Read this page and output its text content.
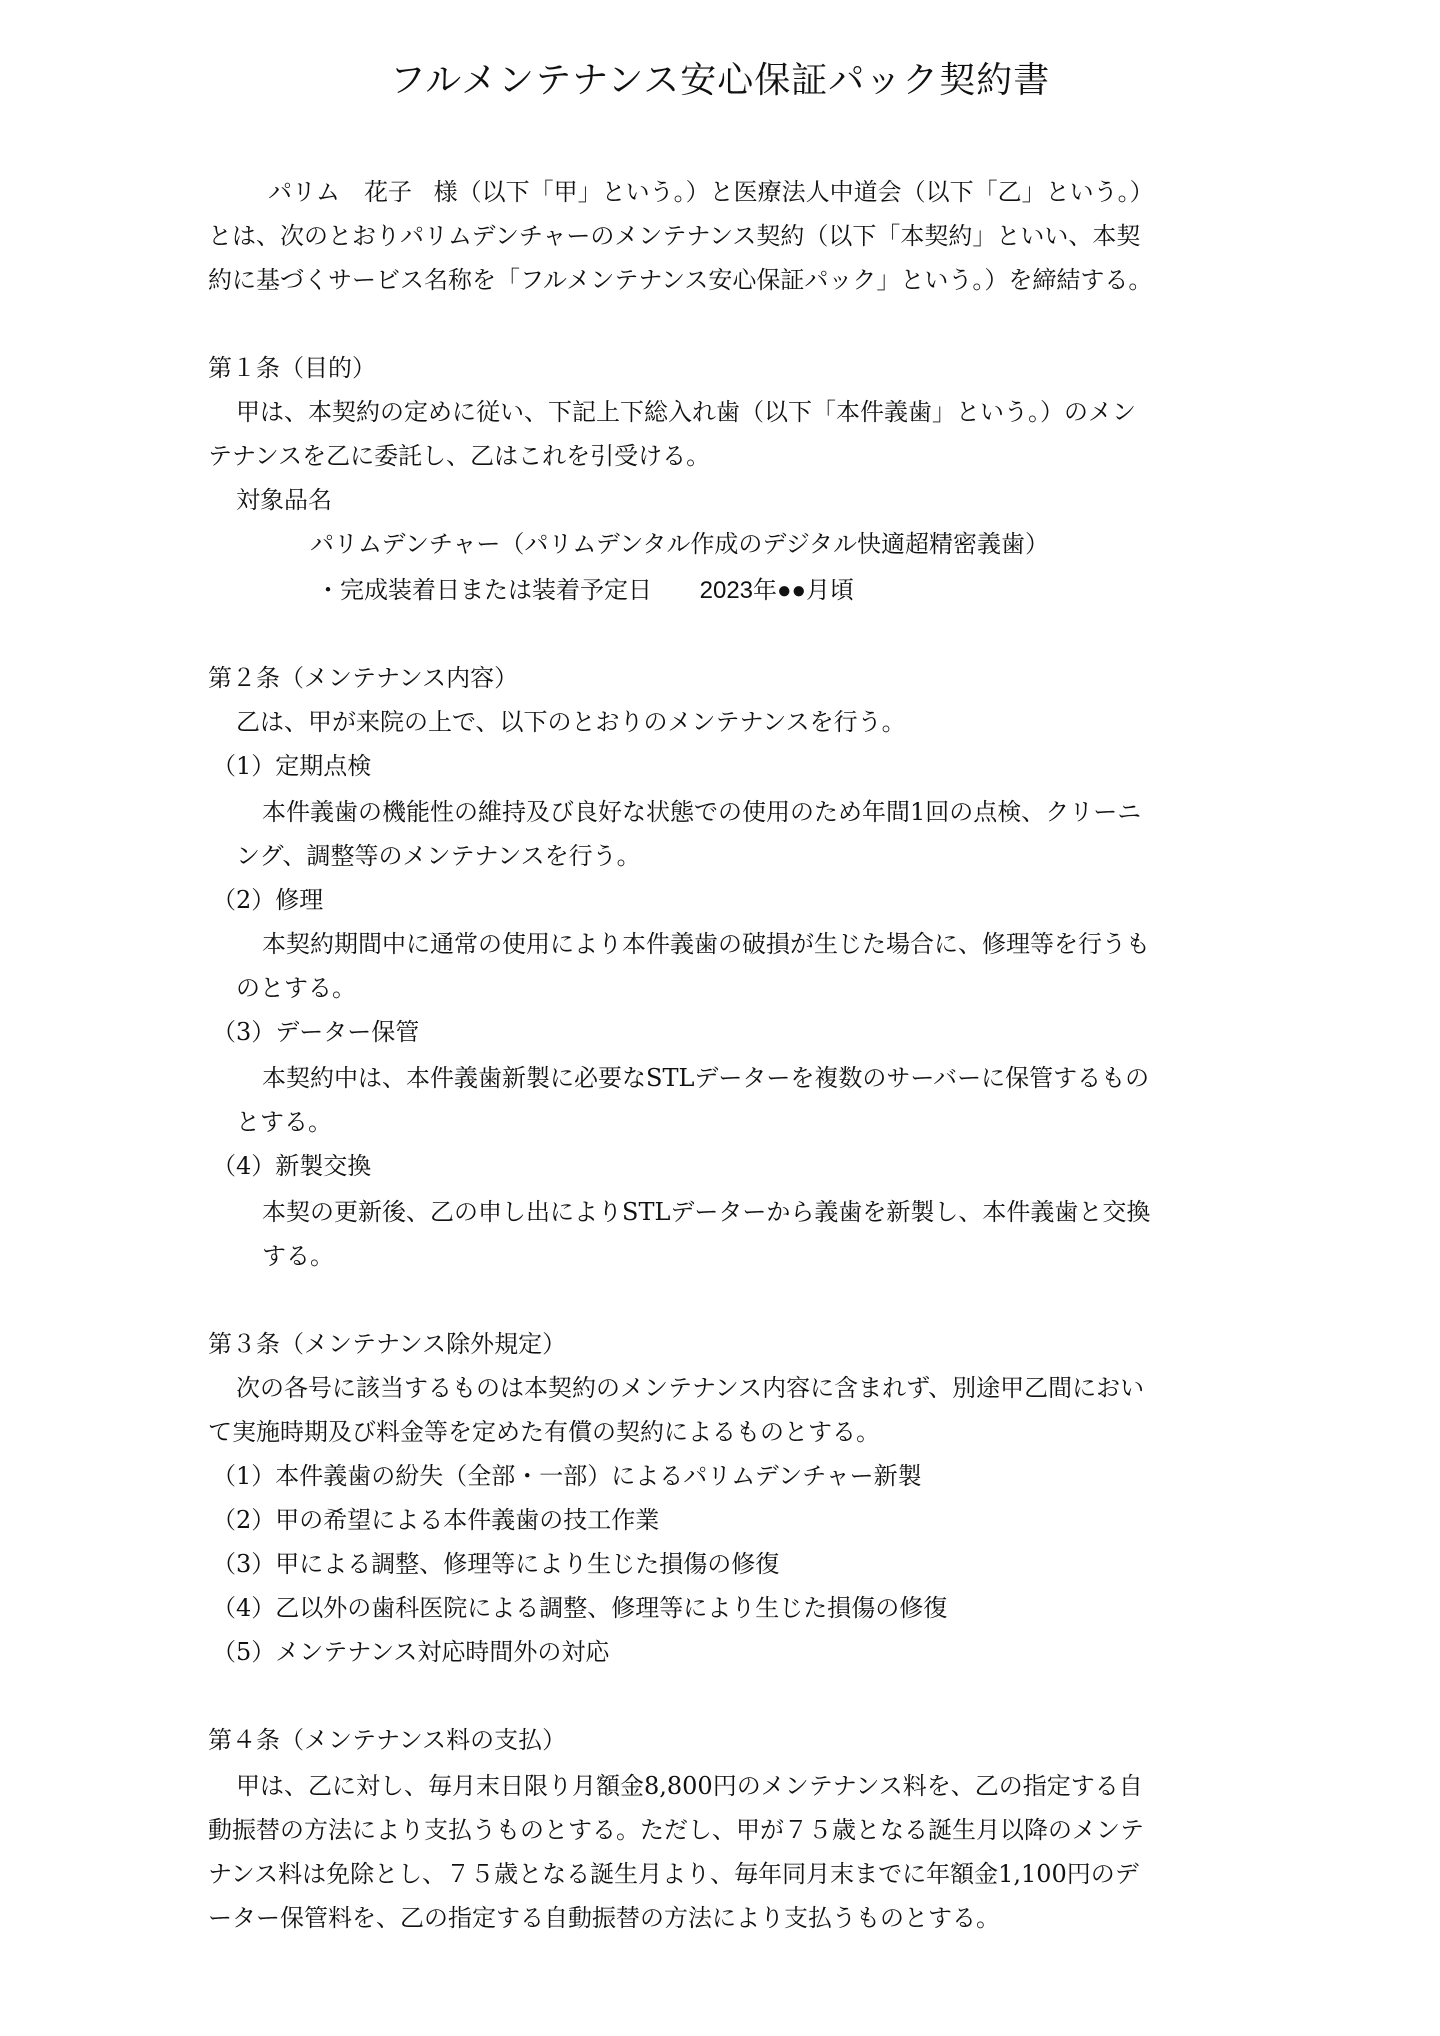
フルメンテナンス安心保証パック契約書
パリム　花子 様（以下「甲」という。）と医療法人中道会（以下「乙」という。）
とは、次のとおりパリムデンチャーのメンテナンス契約（以下「本契約」といい、本契
約に基づくサービス名称を「フルメンテナンス安心保証パック」という。）を締結する。
第１条（目的）
甲は、本契約の定めに従い、下記上下総入れ歯（以下「本件義歯」という。）のメン
テナンスを乙に委託し、乙はこれを引受ける。
対象品名
パリムデンチャー（パリムデンタル作成のデジタル快適超精密義歯）
・完成装着日または装着予定日 2023年●●月頃
第２条（メンテナンス内容）
乙は、甲が来院の上で、以下のとおりのメンテナンスを行う。
（1）定期点検
本件義歯の機能性の維持及び良好な状態での使用のため年間1回の点検、クリーニ
ング、調整等のメンテナンスを行う。
（2）修理
本契約期間中に通常の使用により本件義歯の破損が生じた場合に、修理等を行うも
のとする。
（3）データー保管
本契約中は、本件義歯新製に必要なSTLデーターを複数のサーバーに保管するもの
とする。
（4）新製交換
本契の更新後、乙の申し出によりSTLデーターから義歯を新製し、本件義歯と交換
する。
第３条（メンテナンス除外規定）
次の各号に該当するものは本契約のメンテナンス内容に含まれず、別途甲乙間におい
て実施時期及び料金等を定めた有償の契約によるものとする。
（1）本件義歯の紛失（全部・一部）によるパリムデンチャー新製
（2）甲の希望による本件義歯の技工作業
（3）甲による調整、修理等により生じた損傷の修復
（4）乙以外の歯科医院による調整、修理等により生じた損傷の修復
（5）メンテナンス対応時間外の対応
第４条（メンテナンス料の支払）
甲は、乙に対し、毎月末日限り月額金8,800円のメンテナンス料を、乙の指定する自
動振替の方法により支払うものとする。ただし、甲が７５歳となる誕生月以降のメンテ
ナンス料は免除とし、７５歳となる誕生月より、毎年同月末までに年額金1,100円のデ
ーター保管料を、乙の指定する自動振替の方法により支払うものとする。
